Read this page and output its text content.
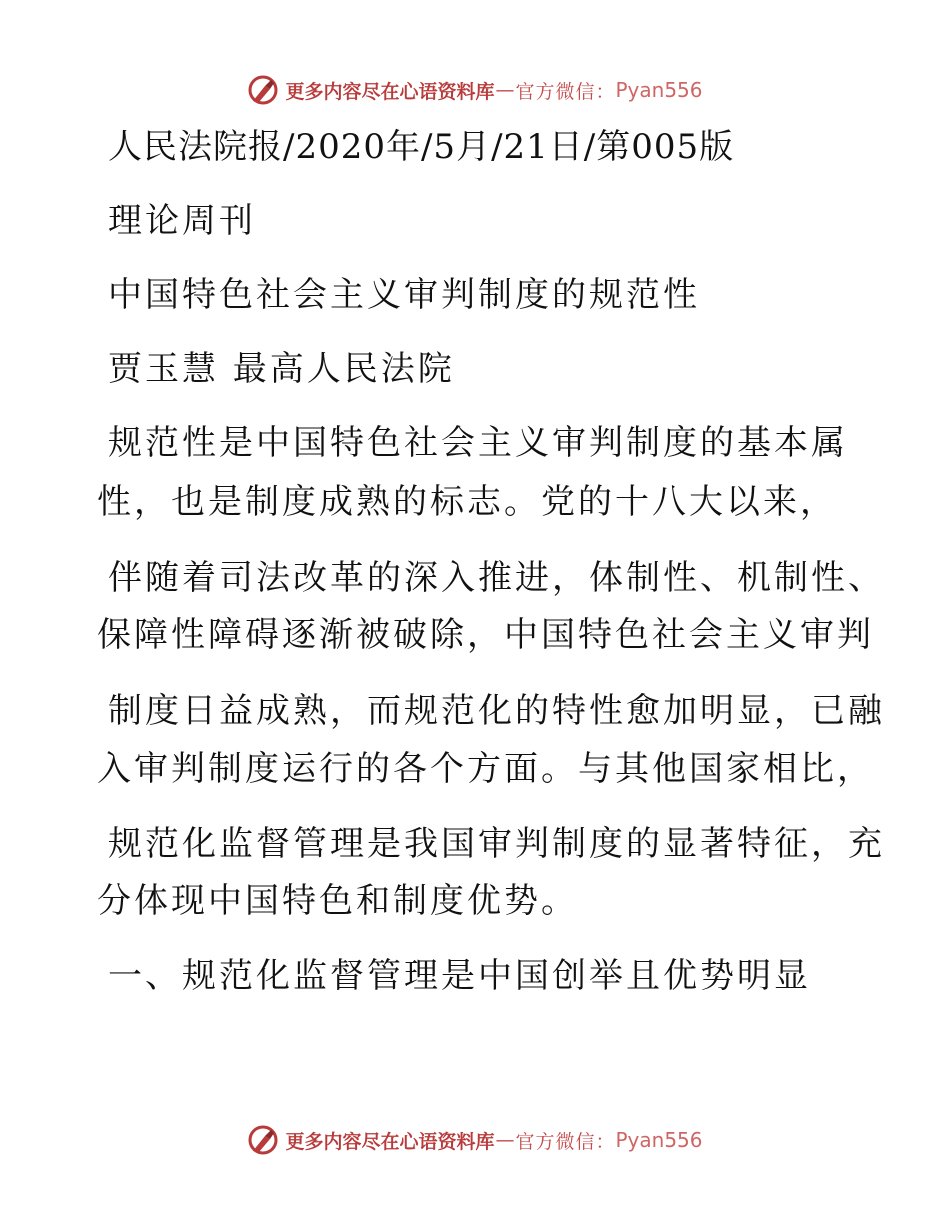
更多内容尽在心语资料库 — 官方微信： Pyan556
人民法院报/2020年/5月/21日/第005版
理论周刊
中国特色社会主义审判制度的规范性
贾玉慧 最高人民法院
规范性是中国特色社会主义审判制度的基本属
性，也是制度成熟的标志。党的十八大以来，
伴随着司法改革的深入推进，体制性、机制性、
保障性障碍逐渐被破除，中国特色社会主义审判
制度日益成熟，而规范化的特性愈加明显，已融
入审判制度运行的各个方面。与其他国家相比，
规范化监督管理是我国审判制度的显著特征，充
分体现中国特色和制度优势。
一、规范化监督管理是中国创举且优势明显
更多内容尽在心语资料库 — 官方微信： Pyan556
